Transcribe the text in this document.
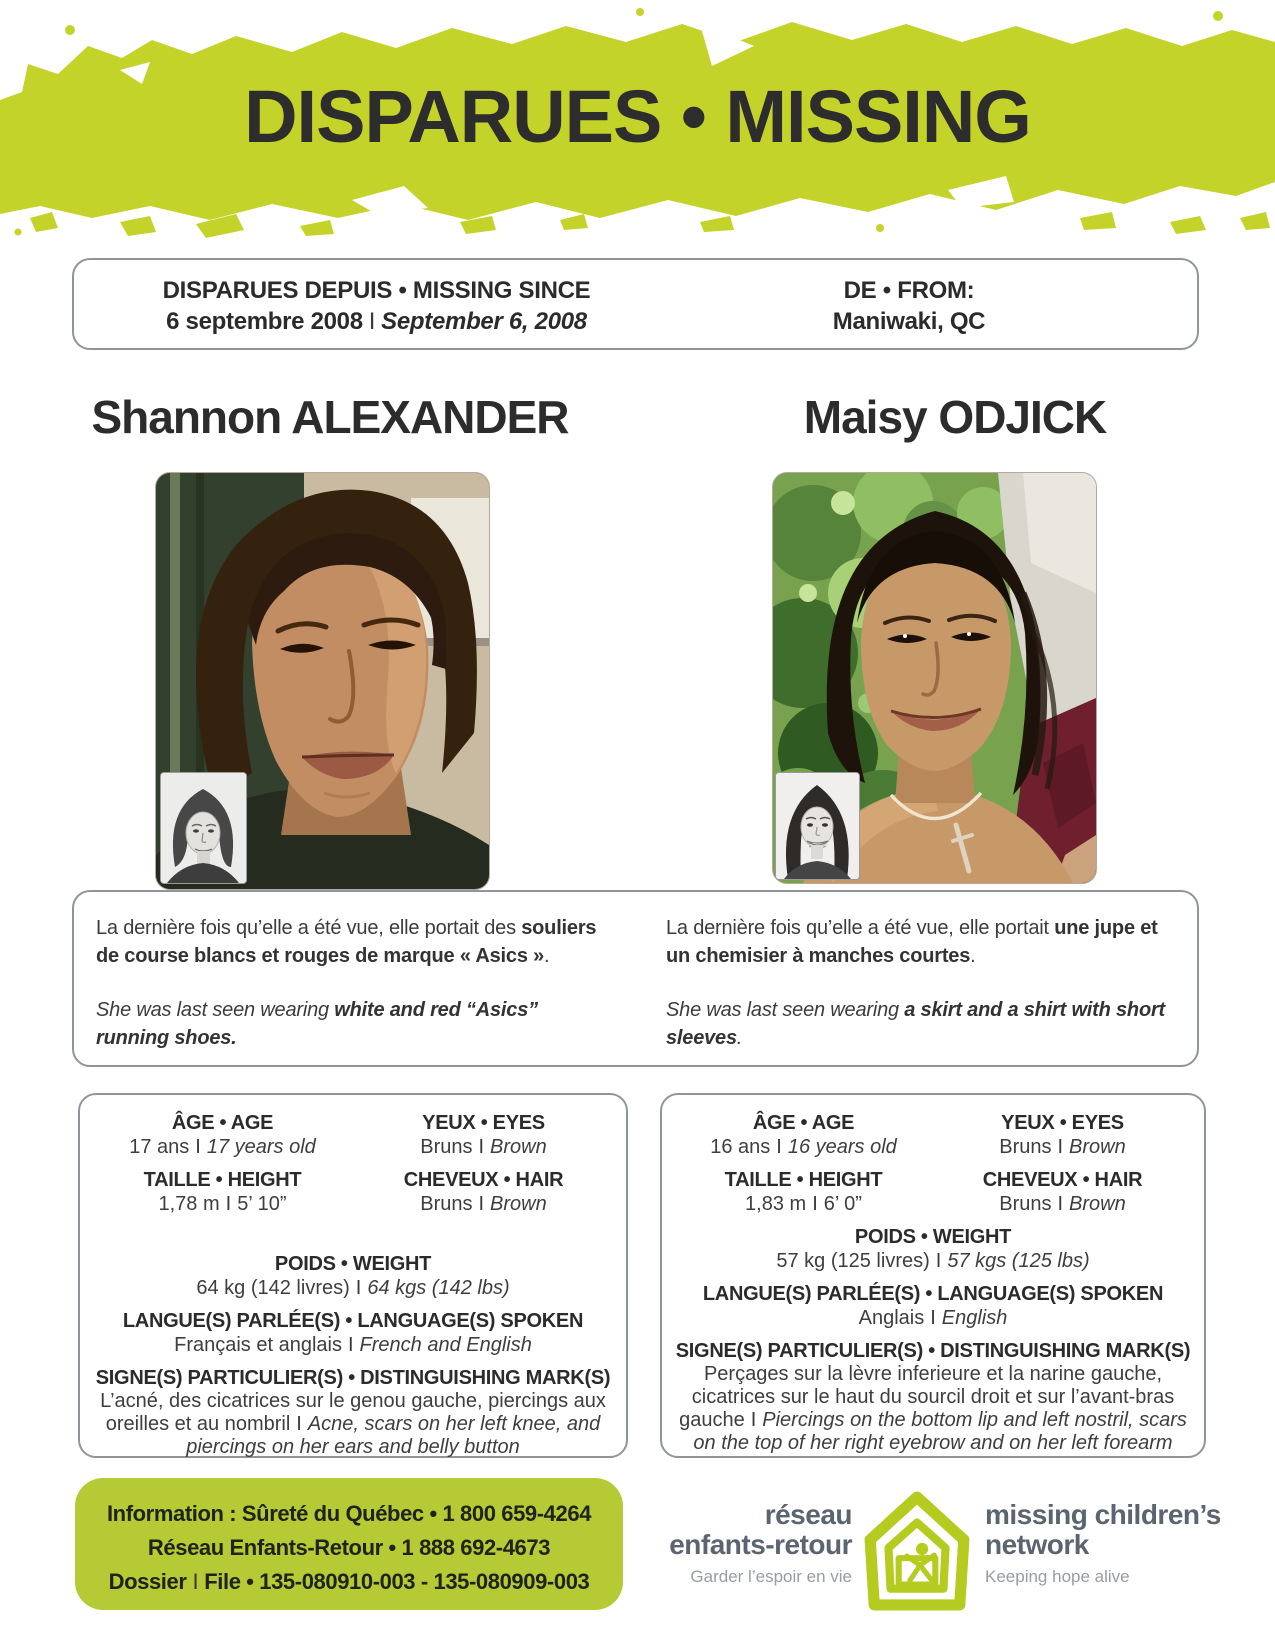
DISPARUES • MISSING
DISPARUES DEPUIS • MISSING SINCE
6 septembre 2008 I September 6, 2008
DE • FROM:
Maniwaki, QC
Shannon ALEXANDER	Maisy ODJICK

La dernière fois qu’elle a été vue, elle portait des souliers de course blancs et rouges de marque « Asics ».

She was last seen wearing white and red “Asics” running shoes.

La dernière fois qu’elle a été vue, elle portait une jupe et un chemisier à manches courtes.

She was last seen wearing a skirt and a shirt with short sleeves.

ÂGE • AGE
17 ans I 17 years old
YEUX • EYES
Bruns I Brown
TAILLE • HEIGHT
1,78 m I 5’ 10”
CHEVEUX • HAIR
Bruns I Brown
POIDS • WEIGHT
64 kg (142 livres) I 64 kgs (142 lbs)
LANGUE(S) PARLÉE(S) • LANGUAGE(S) SPOKEN
Français et anglais I French and English
SIGNE(S) PARTICULIER(S) • DISTINGUISHING MARK(S)
L’acné, des cicatrices sur le genou gauche, piercings aux oreilles et au nombril I Acne, scars on her left knee, and piercings on her ears and belly button
ÂGE • AGE
16 ans I 16 years old
YEUX • EYES
Bruns I Brown
TAILLE • HEIGHT
1,83 m I 6’ 0”
CHEVEUX • HAIR
Bruns I Brown
POIDS • WEIGHT
57 kg (125 livres) I 57 kgs (125 lbs)
LANGUE(S) PARLÉE(S) • LANGUAGE(S) SPOKEN
Anglais I English
SIGNE(S) PARTICULIER(S) • DISTINGUISHING MARK(S)
Perçages sur la lèvre inferieure et la narine gauche, cicatrices sur le haut du sourcil droit et sur l’avant-bras gauche I Piercings on the bottom lip and left nostril, scars on the top of her right eyebrow and on her left forearm
Information : Sûreté du Québec • 1 800 659-4264
Réseau Enfants-Retour • 1 888 692-4673
Dossier I File • 135-080910-003 - 135-080909-003
réseau
enfants-retour
Garder l’espoir en vie
missing children’s
network
Keeping hope alive
